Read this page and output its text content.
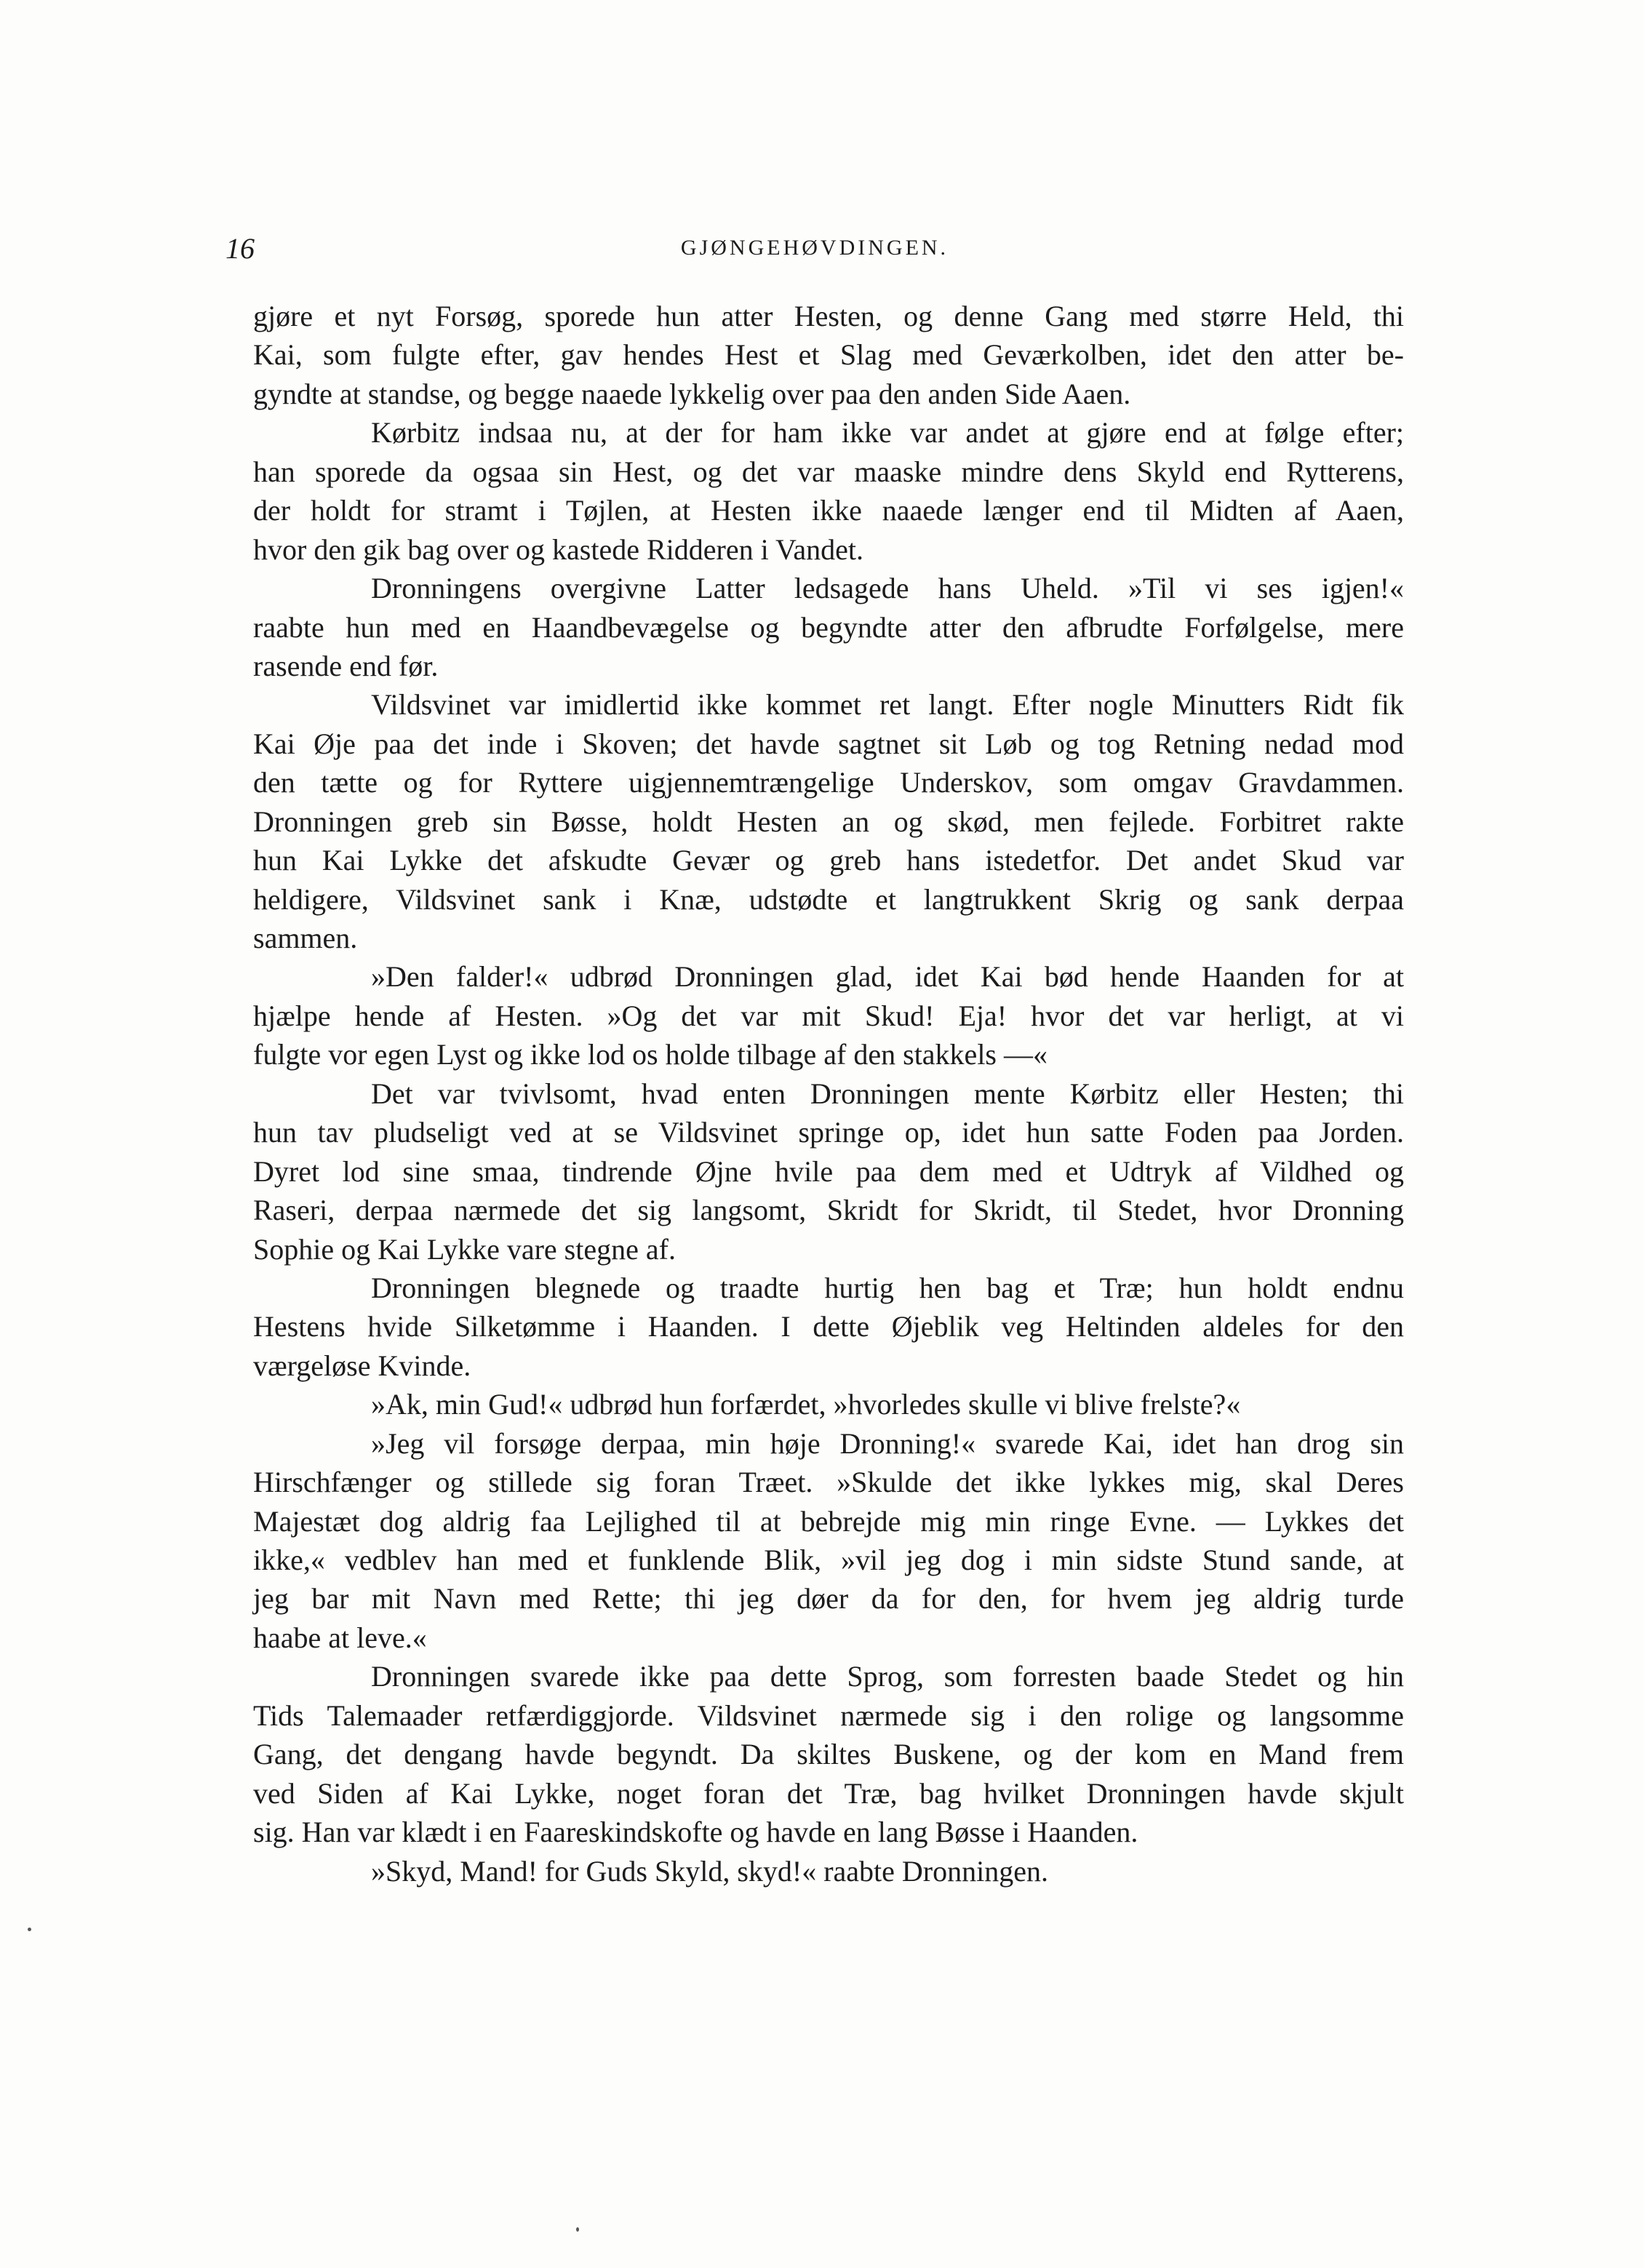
16	GJØNGEHØVDINGEN.
gjøre et nyt Forsøg, sporede hun atter Hesten, og denne Gang med større Held, thi
Kai, som fulgte efter, gav hendes Hest et Slag med Geværkolben, idet den atter be-
gyndte at standse, og begge naaede lykkelig over paa den anden Side Aaen.
Kørbitz indsaa nu, at der for ham ikke var andet at gjøre end at følge efter;
han sporede da ogsaa sin Hest, og det var maaske mindre dens Skyld end Rytterens,
der holdt for stramt i Tøjlen, at Hesten ikke naaede længer end til Midten af Aaen,
hvor den gik bag over og kastede Ridderen i Vandet.
Dronningens overgivne Latter ledsagede hans Uheld. »Til vi ses igjen!«
raabte hun med en Haandbevægelse og begyndte atter den afbrudte Forfølgelse, mere
rasende end før.
Vildsvinet var imidlertid ikke kommet ret langt. Efter nogle Minutters Ridt fik
Kai Øje paa det inde i Skoven; det havde sagtnet sit Løb og tog Retning nedad mod
den tætte og for Ryttere uigjennemtrængelige Underskov, som omgav Gravdammen.
Dronningen greb sin Bøsse, holdt Hesten an og skød, men fejlede. Forbitret rakte
hun Kai Lykke det afskudte Gevær og greb hans istedetfor. Det andet Skud var
heldigere, Vildsvinet sank i Knæ, udstødte et langtrukkent Skrig og sank derpaa
sammen.
»Den falder!« udbrød Dronningen glad, idet Kai bød hende Haanden for at
hjælpe hende af Hesten. »Og det var mit Skud! Eja! hvor det var herligt, at vi
fulgte vor egen Lyst og ikke lod os holde tilbage af den stakkels —«
Det var tvivlsomt, hvad enten Dronningen mente Kørbitz eller Hesten; thi
hun tav pludseligt ved at se Vildsvinet springe op, idet hun satte Foden paa Jorden.
Dyret lod sine smaa, tindrende Øjne hvile paa dem med et Udtryk af Vildhed og
Raseri, derpaa nærmede det sig langsomt, Skridt for Skridt, til Stedet, hvor Dronning
Sophie og Kai Lykke vare stegne af.
Dronningen blegnede og traadte hurtig hen bag et Træ; hun holdt endnu
Hestens hvide Silketømme i Haanden. I dette Øjeblik veg Heltinden aldeles for den
værgeløse Kvinde.
»Ak, min Gud!« udbrød hun forfærdet, »hvorledes skulle vi blive frelste?«
»Jeg vil forsøge derpaa, min høje Dronning!« svarede Kai, idet han drog sin
Hirschfænger og stillede sig foran Træet. »Skulde det ikke lykkes mig, skal Deres
Majestæt dog aldrig faa Lejlighed til at bebrejde mig min ringe Evne. — Lykkes det
ikke,« vedblev han med et funklende Blik, »vil jeg dog i min sidste Stund sande, at
jeg bar mit Navn med Rette; thi jeg døer da for den, for hvem jeg aldrig turde
haabe at leve.«
Dronningen svarede ikke paa dette Sprog, som forresten baade Stedet og hin
Tids Talemaader retfærdiggjorde. Vildsvinet nærmede sig i den rolige og langsomme
Gang, det dengang havde begyndt. Da skiltes Buskene, og der kom en Mand frem
ved Siden af Kai Lykke, noget foran det Træ, bag hvilket Dronningen havde skjult
sig. Han var klædt i en Faareskindskofte og havde en lang Bøsse i Haanden.
»Skyd, Mand! for Guds Skyld, skyd!« raabte Dronningen.
